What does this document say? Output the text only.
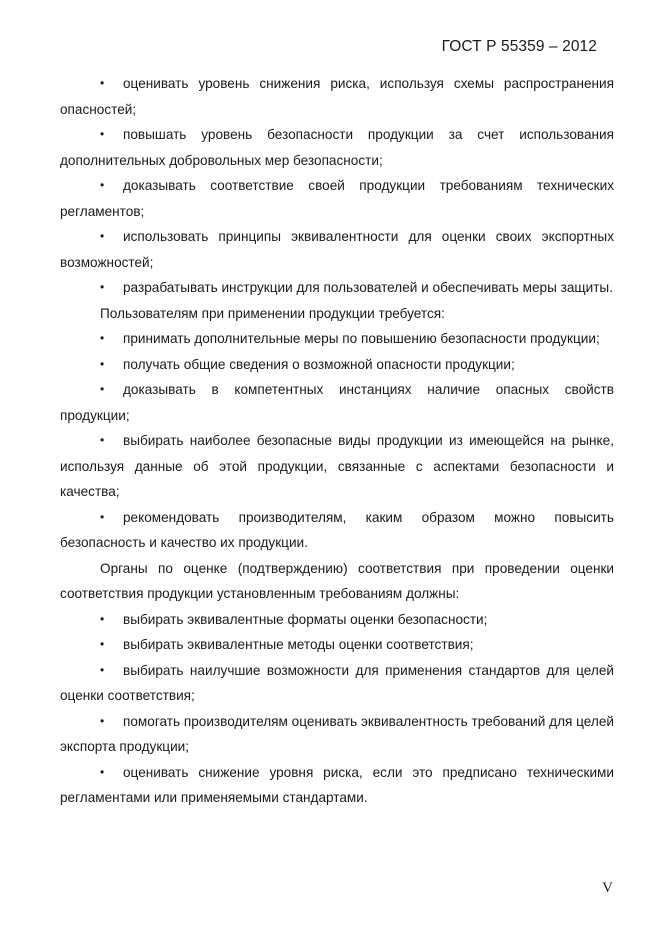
ГОСТ Р 55359 – 2012
• оценивать уровень снижения риска, используя схемы распространения опасностей;
• повышать уровень безопасности продукции за счет использования дополнительных добровольных мер безопасности;
• доказывать соответствие своей продукции требованиям технических регламентов;
• использовать принципы эквивалентности для оценки своих экспортных возможностей;
• разрабатывать инструкции для пользователей и обеспечивать меры защиты.
Пользователям при применении продукции требуется:
• принимать дополнительные меры по повышению безопасности продукции;
• получать общие сведения о возможной опасности продукции;
• доказывать в компетентных инстанциях наличие опасных свойств продукции;
• выбирать наиболее безопасные виды продукции из имеющейся на рынке, используя данные об этой продукции, связанные с аспектами безопасности и качества;
• рекомендовать производителям, каким образом можно повысить безопасность и качество их продукции.
Органы по оценке (подтверждению) соответствия при проведении оценки соответствия продукции установленным требованиям должны:
• выбирать эквивалентные форматы оценки безопасности;
• выбирать эквивалентные методы оценки соответствия;
• выбирать наилучшие возможности для применения стандартов для целей оценки соответствия;
• помогать производителям оценивать эквивалентность требований для целей экспорта продукции;
• оценивать снижение уровня риска, если это предписано техническими регламентами или применяемыми стандартами.
V
